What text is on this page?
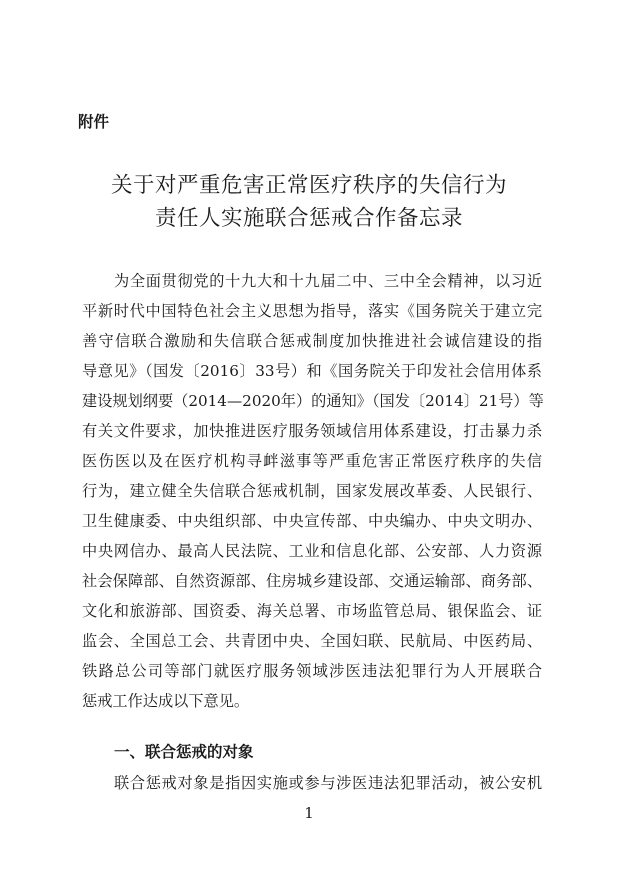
附件
关于对严重危害正常医疗秩序的失信行为
责任人实施联合惩戒合作备忘录
为全面贯彻党的十九大和十九届二中、三中全会精神，以习近
平新时代中国特色社会主义思想为指导，落实《国务院关于建立完
善守信联合激励和失信联合惩戒制度加快推进社会诚信建设的指
导意见》（国发〔2016〕33号）和《国务院关于印发社会信用体系
建设规划纲要（2014—2020年）的通知》（国发〔2014〕21号）等
有关文件要求，加快推进医疗服务领域信用体系建设，打击暴力杀
医伤医以及在医疗机构寻衅滋事等严重危害正常医疗秩序的失信
行为，建立健全失信联合惩戒机制，国家发展改革委、人民银行、
卫生健康委、中央组织部、中央宣传部、中央编办、中央文明办、
中央网信办、最高人民法院、工业和信息化部、公安部、人力资源
社会保障部、自然资源部、住房城乡建设部、交通运输部、商务部、
文化和旅游部、国资委、海关总署、市场监管总局、银保监会、证
监会、全国总工会、共青团中央、全国妇联、民航局、中医药局、
铁路总公司等部门就医疗服务领域涉医违法犯罪行为人开展联合
惩戒工作达成以下意见。
一、联合惩戒的对象
联合惩戒对象是指因实施或参与涉医违法犯罪活动，被公安机
1
